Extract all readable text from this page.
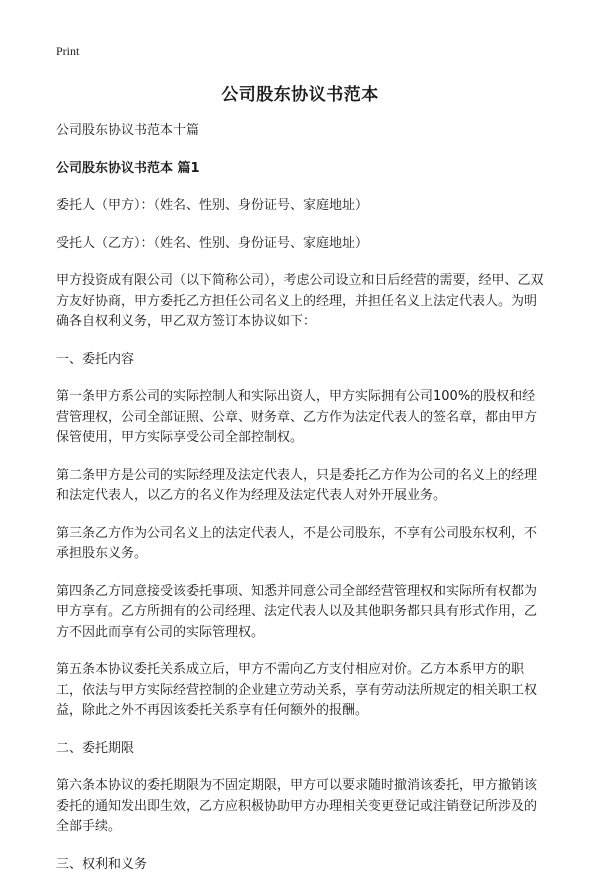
Print
公司股东协议书范本

公司股东协议书范本十篇

公司股东协议书范本 篇1

委托人（甲方）：（姓名、性别、身份证号、家庭地址）

受托人（乙方）：（姓名、性别、身份证号、家庭地址）

甲方投资成有限公司（以下简称公司），考虑公司设立和日后经营的需要，经甲、乙双方友好协商，甲方委托乙方担任公司名义上的经理，并担任名义上法定代表人。为明确各自权利义务，甲乙双方签订本协议如下：

一、委托内容

第一条甲方系公司的实际控制人和实际出资人，甲方实际拥有公司100%的股权和经营管理权，公司全部证照、公章、财务章、乙方作为法定代表人的签名章，都由甲方保管使用，甲方实际享受公司全部控制权。

第二条甲方是公司的实际经理及法定代表人，只是委托乙方作为公司的名义上的经理和法定代表人，以乙方的名义作为经理及法定代表人对外开展业务。

第三条乙方作为公司名义上的法定代表人，不是公司股东，不享有公司股东权利，不承担股东义务。

第四条乙方同意接受该委托事项、知悉并同意公司全部经营管理权和实际所有权都为甲方享有。乙方所拥有的公司经理、法定代表人以及其他职务都只具有形式作用，乙方不因此而享有公司的实际管理权。

第五条本协议委托关系成立后，甲方不需向乙方支付相应对价。乙方本系甲方的职工，依法与甲方实际经营控制的企业建立劳动关系，享有劳动法所规定的相关职工权益，除此之外不再因该委托关系享有任何额外的报酬。

二、委托期限

第六条本协议的委托期限为不固定期限，甲方可以要求随时撤消该委托，甲方撤销该委托的通知发出即生效，乙方应积极协助甲方办理相关变更登记或注销登记所涉及的全部手续。

三、权利和义务
